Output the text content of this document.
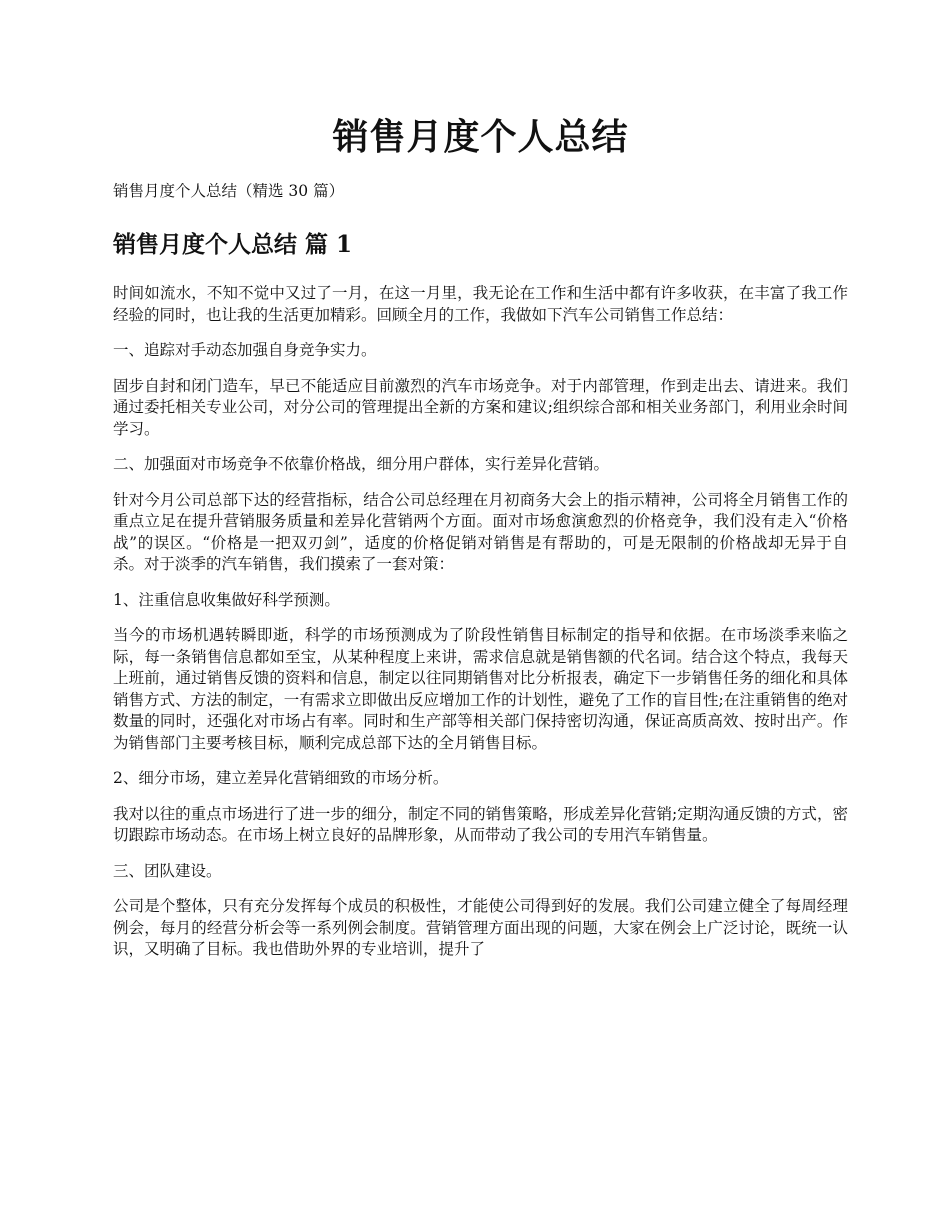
销售月度个人总结

销售月度个人总结（精选 30 篇）

销售月度个人总结 篇 1

时间如流水，不知不觉中又过了一月，在这一月里，我无论在工作和生活中都有许多收获，在丰富了我工作经验的同时，也让我的生活更加精彩。回顾全月的工作，我做如下汽车公司销售工作总结：

一、追踪对手动态加强自身竞争实力。

固步自封和闭门造车，早已不能适应目前激烈的汽车市场竞争。对于内部管理，作到走出去、请进来。我们通过委托相关专业公司，对分公司的管理提出全新的方案和建议;组织综合部和相关业务部门，利用业余时间学习。

二、加强面对市场竞争不依靠价格战，细分用户群体，实行差异化营销。

针对今月公司总部下达的经营指标，结合公司总经理在月初商务大会上的指示精神，公司将全月销售工作的重点立足在提升营销服务质量和差异化营销两个方面。面对市场愈演愈烈的价格竞争，我们没有走入“价格战”的误区。“价格是一把双刃剑”，适度的价格促销对销售是有帮助的，可是无限制的价格战却无异于自 杀。对于淡季的汽车销售，我们摸索了一套对策：

1、注重信息收集做好科学预测。

当今的市场机遇转瞬即逝，科学的市场预测成为了阶段性销售目标制定的指导和依据。在市场淡季来临之际，每一条销售信息都如至宝，从某种程度上来讲，需求信息就是销售额的代名词。结合这个特点，我每天上班前，通过销售反馈的资料和信息，制定以往同期销售对比分析报表，确定下一步销售任务的细化和具体销售方式、方法的制定，一有需求立即做出反应增加工作的计划性，避免了工作的盲目性;在注重销售的绝对数量的同时，还强化对市场占有率。同时和生产部等相关部门保持密切沟通，保证高质高效、按时出产。作为销售部门主要考核目标，顺利完成总部下达的全月销售目标。

2、细分市场，建立差异化营销细致的市场分析。

我对以往的重点市场进行了进一步的细分，制定不同的销售策略，形成差异化营销;定期沟通反馈的方式，密切跟踪市场动态。在市场上树立良好的品牌形象，从而带动了我公司的专用汽车销售量。

三、团队建设。

公司是个整体，只有充分发挥每个成员的积极性，才能使公司得到好的发展。我们公司建立健全了每周经理例会，每月的经营分析会等一系列例会制度。营销管理方面出现的问题，大家在例会上广泛讨论，既统一认识，又明确了目标。我也借助外界的专业培训，提升了
